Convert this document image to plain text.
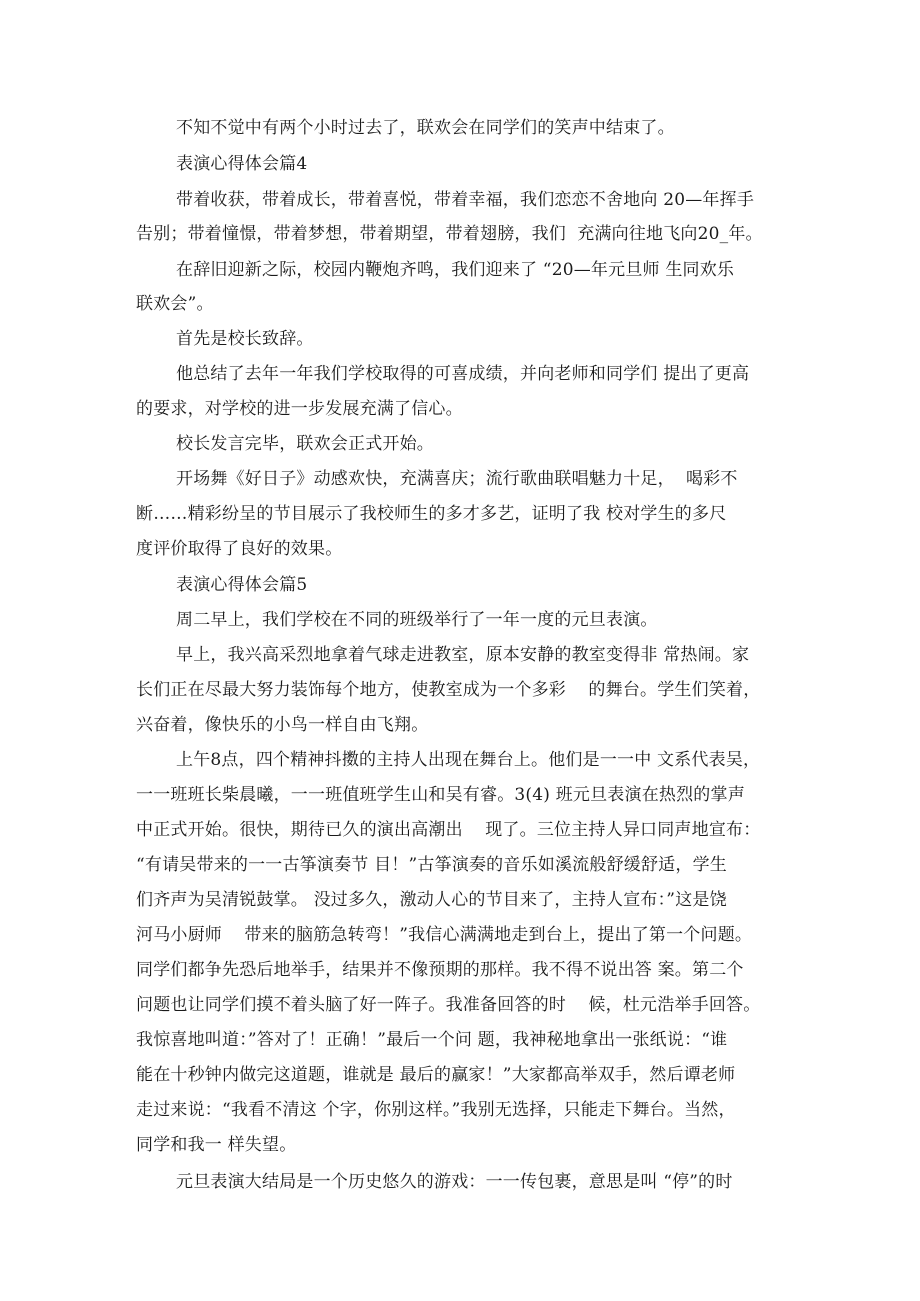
不知不觉中有两个小时过去了，联欢会在同学们的笑声中结束了。
表演心得体会篇4
带着收获，带着成长，带着喜悦，带着幸福，我们恋恋不舍地向 20—年挥手
告别；带着憧憬，带着梦想，带着期望，带着翅膀，我们  充满向往地飞向20_年。
在辞旧迎新之际，校园内鞭炮齐鸣，我们迎来了 “20—年元旦师 生同欢乐
联欢会”。
首先是校长致辞。
他总结了去年一年我们学校取得的可喜成绩，并向老师和同学们 提出了更高
的要求，对学校的进一步发展充满了信心。
校长发言完毕，联欢会正式开始。
开场舞《好日子》动感欢快，充满喜庆；流行歌曲联唱魅力十足，  喝彩不
断……精彩纷呈的节目展示了我校师生的多才多艺，证明了我 校对学生的多尺
度评价取得了良好的效果。
表演心得体会篇5
周二早上，我们学校在不同的班级举行了一年一度的元旦表演。
早上，我兴高采烈地拿着气球走进教室，原本安静的教室变得非 常热闹。家
长们正在尽最大努力装饰每个地方，使教室成为一个多彩    的舞台。学生们笑着，
兴奋着，像快乐的小鸟一样自由飞翔。
上午8点，四个精神抖擞的主持人出现在舞台上。他们是一一中 文系代表吴，
一一班班长柴晨曦，一一班值班学生山和吴有睿。3(4) 班元旦表演在热烈的掌声
中正式开始。很快，期待已久的演出高潮出    现了。三位主持人异口同声地宣布：
“有请吴带来的一一古筝演奏节 目！”古筝演奏的音乐如溪流般舒缓舒适，学生
们齐声为吴清锐鼓掌。 没过多久，激动人心的节目来了，主持人宣布：”这是饶
河马小厨师    带来的脑筋急转弯！”我信心满满地走到台上，提出了第一个问题。
同学们都争先恐后地举手，结果并不像预期的那样。我不得不说出答 案。第二个
问题也让同学们摸不着头脑了好一阵子。我准备回答的时    候，杜元浩举手回答。
我惊喜地叫道：”答对了！正确！”最后一个问 题，我神秘地拿出一张纸说：“谁
能在十秒钟内做完这道题，谁就是 最后的赢家！”大家都高举双手，然后谭老师
走过来说：“我看不清这 个字，你别这样。”我别无选择，只能走下舞台。当然，
同学和我一 样失望。
元旦表演大结局是一个历史悠久的游戏：一一传包裹，意思是叫 “停”的时
